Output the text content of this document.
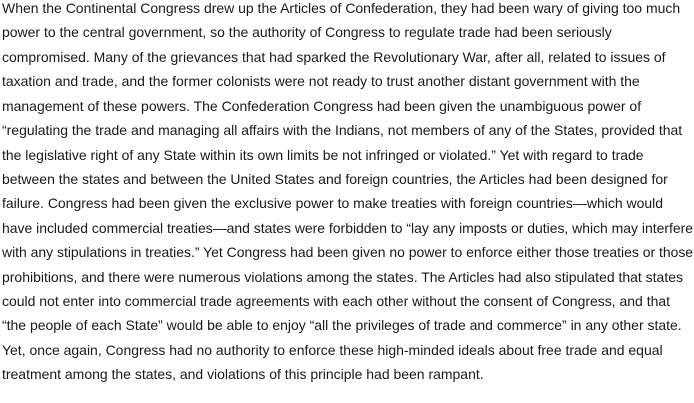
When the Continental Congress drew up the Articles of Confederation, they had been wary of giving too much
power to the central government, so the authority of Congress to regulate trade had been seriously
compromised. Many of the grievances that had sparked the Revolutionary War, after all, related to issues of
taxation and trade, and the former colonists were not ready to trust another distant government with the
management of these powers. The Confederation Congress had been given the unambiguous power of
“regulating the trade and managing all affairs with the Indians, not members of any of the States, provided that
the legislative right of any State within its own limits be not infringed or violated.” Yet with regard to trade
between the states and between the United States and foreign countries, the Articles had been designed for
failure. Congress had been given the exclusive power to make treaties with foreign countries—which would
have included commercial treaties—and states were forbidden to “lay any imposts or duties, which may interfere
with any stipulations in treaties.” Yet Congress had been given no power to enforce either those treaties or those
prohibitions, and there were numerous violations among the states. The Articles had also stipulated that states
could not enter into commercial trade agreements with each other without the consent of Congress, and that
“the people of each State” would be able to enjoy “all the privileges of trade and commerce” in any other state.
Yet, once again, Congress had no authority to enforce these high-minded ideals about free trade and equal
treatment among the states, and violations of this principle had been rampant.
